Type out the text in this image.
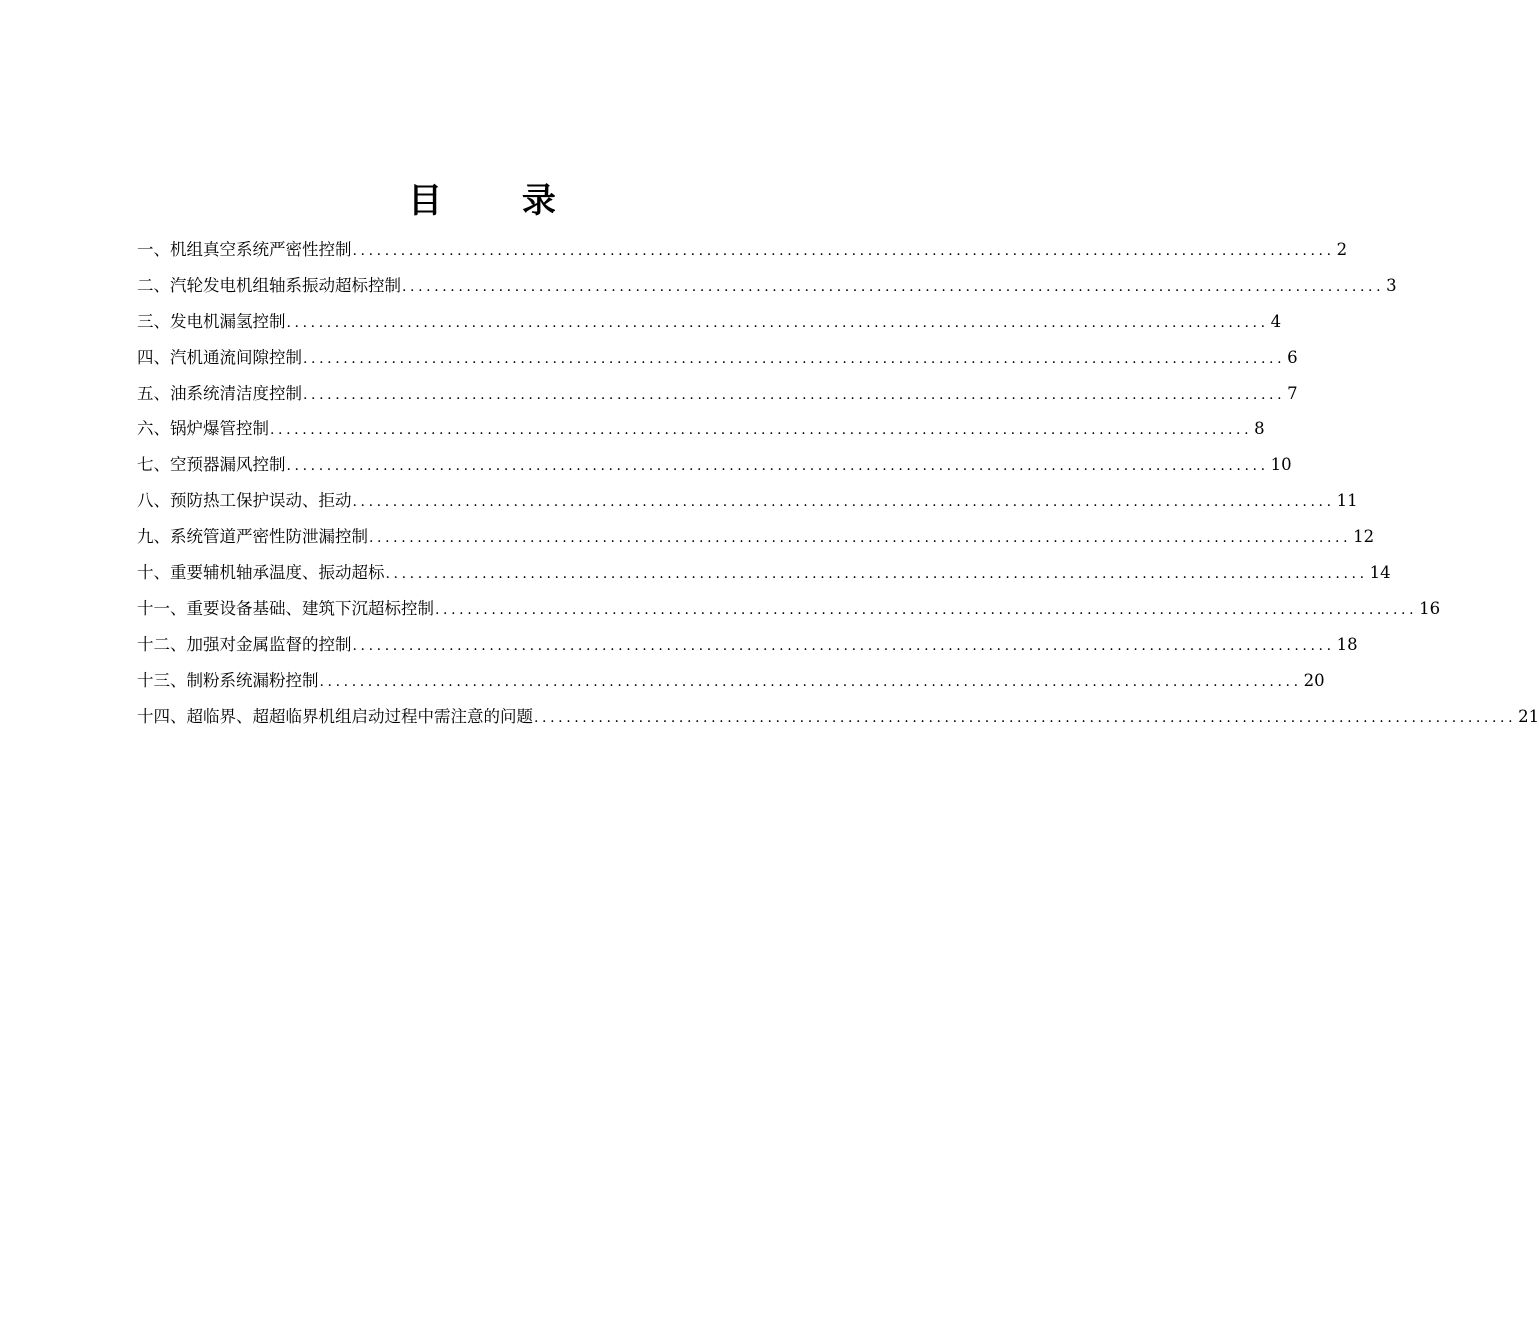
目 录
一、机组真空系统严密性控制 .......................................................................................................................... 2
二、汽轮发电机组轴系振动超标控制 .......................................................................................................................... 3
三、发电机漏氢控制 .......................................................................................................................... 4
四、汽机通流间隙控制 .......................................................................................................................... 6
五、油系统清洁度控制 .......................................................................................................................... 7
六、锅炉爆管控制 .......................................................................................................................... 8
七、空预器漏风控制 .......................................................................................................................... 10
八、预防热工保护误动、拒动 .......................................................................................................................... 11
九、系统管道严密性防泄漏控制 .......................................................................................................................... 12
十、重要辅机轴承温度、振动超标 .......................................................................................................................... 14
十一、重要设备基础、建筑下沉超标控制 .......................................................................................................................... 16
十二、加强对金属监督的控制 .......................................................................................................................... 18
十三、制粉系统漏粉控制 .......................................................................................................................... 20
十四、超临界、超超临界机组启动过程中需注意的问题 .......................................................................................................................... 21
